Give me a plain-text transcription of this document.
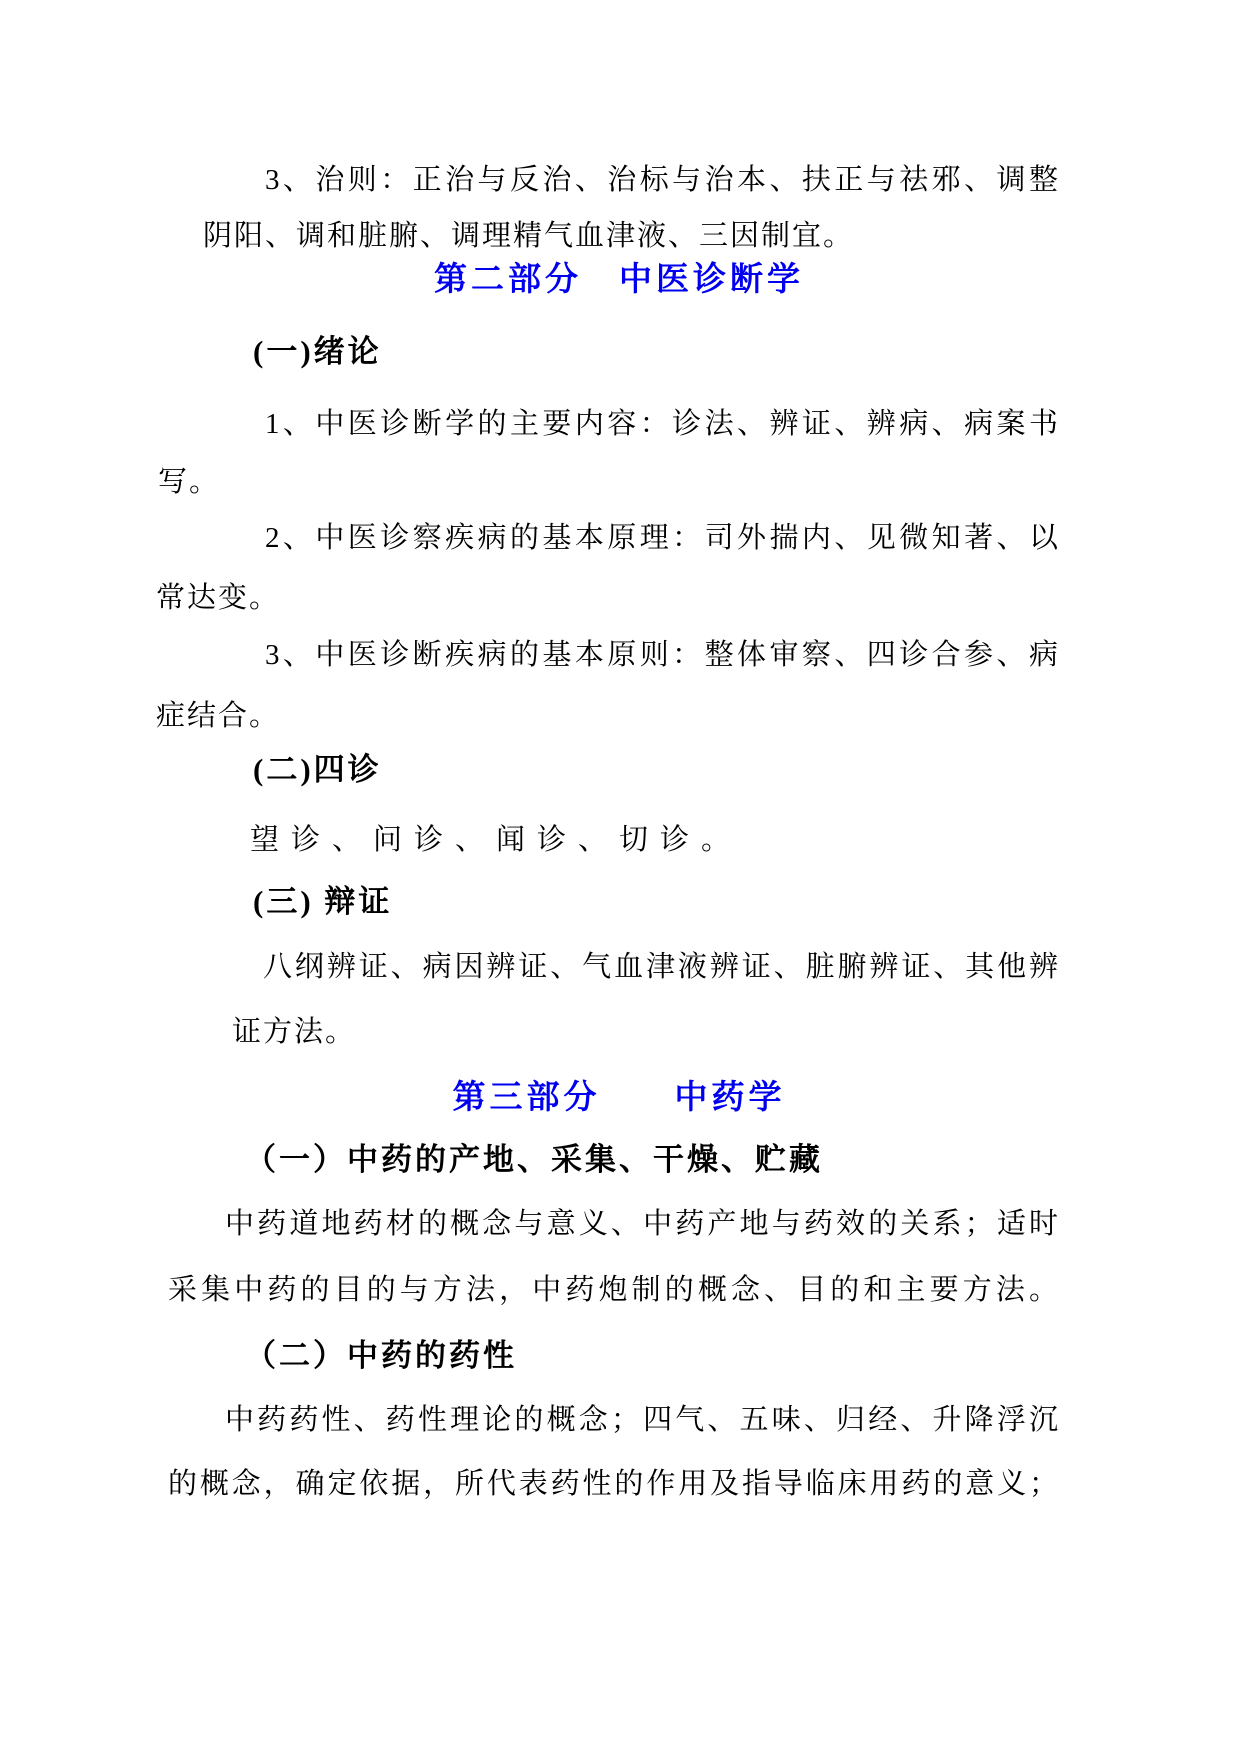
3、治则：正治与反治、治标与治本、扶正与祛邪、调整
阴阳、调和脏腑、调理精气血津液、三因制宜。
第二部分　中医诊断学
(一)绪论
1、中医诊断学的主要内容：诊法、辨证、辨病、病案书
写。
2、中医诊察疾病的基本原理：司外揣内、见微知著、以
常达变。
3、中医诊断疾病的基本原则：整体审察、四诊合参、病
症结合。
(二)四诊
望诊、问诊、闻诊、切诊。
(三) 辩证
八纲辨证、病因辨证、气血津液辨证、脏腑辨证、其他辨
证方法。
第三部分　　中药学
（一）中药的产地、采集、干燥、贮藏
中药道地药材的概念与意义、中药产地与药效的关系；适时
采集中药的目的与方法，中药炮制的概念、目的和主要方法。
（二）中药的药性
中药药性、药性理论的概念；四气、五味、归经、升降浮沉
的概念，确定依据，所代表药性的作用及指导临床用药的意义；
